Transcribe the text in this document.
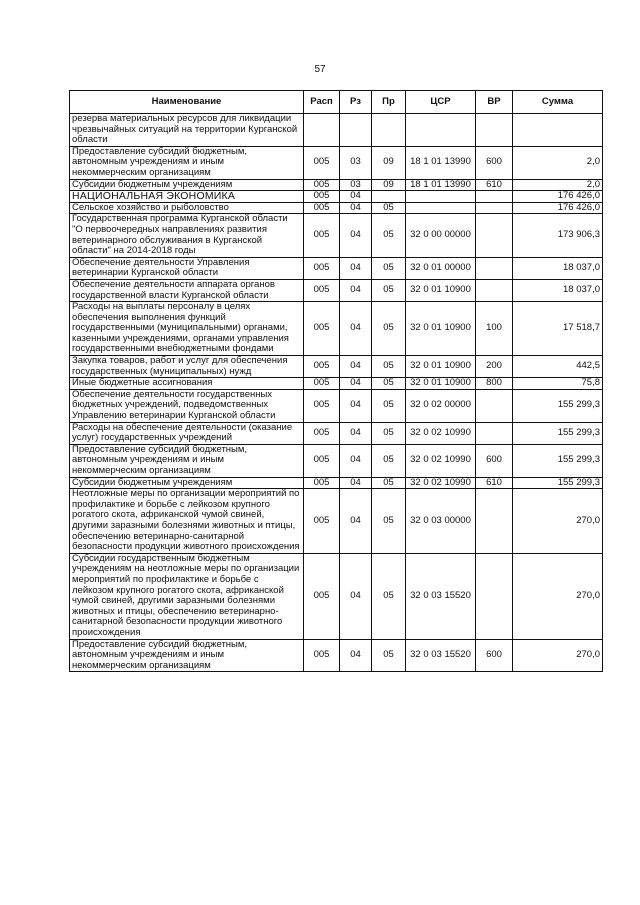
57
Наименование	Расп	Рз	Пр	ЦСР	ВР	Сумма
резерва материальных ресурсов для ликвидации чрезвычайных ситуаций на территории Курганской области						
Предоставление субсидий бюджетным, автономным учреждениям и иным некоммерческим организациям	005	03	09	18 1 01 13990	600	2,0
Субсидии бюджетным учреждениям	005	03	09	18 1 01 13990	610	2,0
НАЦИОНАЛЬНАЯ ЭКОНОМИКА	005	04				176 426,0
Сельское хозяйство и рыболовство	005	04	05			176 426,0
Государственная программа Курганской области "О первоочередных направлениях развития ветеринарного обслуживания в Курганской области" на 2014-2018 годы	005	04	05	32 0 00 00000		173 906,3
Обеспечение деятельности Управления ветеринарии Курганской области	005	04	05	32 0 01 00000		18 037,0
Обеспечение деятельности аппарата органов государственной власти Курганской области	005	04	05	32 0 01 10900		18 037,0
Расходы на выплаты персоналу в целях обеспечения выполнения функций государственными (муниципальными) органами, казенными учреждениями, органами управления государственными внебюджетными фондами	005	04	05	32 0 01 10900	100	17 518,7
Закупка товаров, работ и услуг для обеспечения государственных (муниципальных) нужд	005	04	05	32 0 01 10900	200	442,5
Иные бюджетные ассигнования	005	04	05	32 0 01 10900	800	75,8
Обеспечение деятельности государственных бюджетных учреждений, подведомственных Управлению ветеринарии Курганской области	005	04	05	32 0 02 00000		155 299,3
Расходы на обеспечение деятельности (оказание услуг) государственных учреждений	005	04	05	32 0 02 10990		155 299,3
Предоставление субсидий бюджетным, автономным учреждениям и иным некоммерческим организациям	005	04	05	32 0 02 10990	600	155 299,3
Субсидии бюджетным учреждениям	005	04	05	32 0 02 10990	610	155 299,3
Неотложные меры по организации мероприятий по профилактике и борьбе с лейкозом крупного рогатого скота, африканской чумой свиней, другими заразными болезнями животных и птицы, обеспечению ветеринарно-санитарной безопасности продукции животного происхождения	005	04	05	32 0 03 00000		270,0
Субсидии государственным бюджетным учреждениям на неотложные меры по организации мероприятий по профилактике и борьбе с лейкозом крупного рогатого скота, африканской чумой свиней, другими заразными болезнями животных и птицы, обеспечению ветеринарно-санитарной безопасности продукции животного происхождения	005	04	05	32 0 03 15520		270,0
Предоставление субсидий бюджетным, автономным учреждениям и иным некоммерческим организациям	005	04	05	32 0 03 15520	600	270,0
